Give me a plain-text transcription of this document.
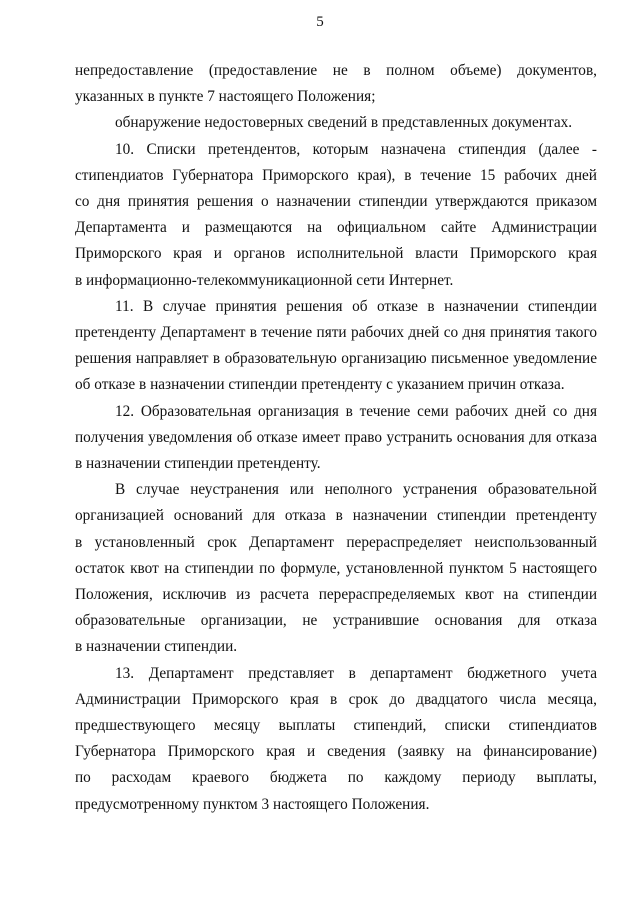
5
непредоставление (предоставление не в полном объеме) документов,
указанных в пункте 7 настоящего Положения;
обнаружение недостоверных сведений в представленных документах.
10. Списки претендентов, которым назначена стипендия (далее -
стипендиатов Губернатора Приморского края), в течение 15 рабочих дней
со дня принятия решения о назначении стипендии утверждаются приказом
Департамента и размещаются на официальном сайте Администрации
Приморского края и органов исполнительной власти Приморского края
в информационно-телекоммуникационной сети Интернет.
11. В случае принятия решения об отказе в назначении стипендии
претенденту Департамент в течение пяти рабочих дней со дня принятия такого
решения направляет в образовательную организацию письменное уведомление
об отказе в назначении стипендии претенденту с указанием причин отказа.
12. Образовательная организация в течение семи рабочих дней со дня
получения уведомления об отказе имеет право устранить основания для отказа
в назначении стипендии претенденту.
В случае неустранения или неполного устранения образовательной
организацией оснований для отказа в назначении стипендии претенденту
в установленный срок Департамент перераспределяет неиспользованный
остаток квот на стипендии по формуле, установленной пунктом 5 настоящего
Положения, исключив из расчета перераспределяемых квот на стипендии
образовательные организации, не устранившие основания для отказа
в назначении стипендии.
13. Департамент представляет в департамент бюджетного учета
Администрации Приморского края в срок до двадцатого числа месяца,
предшествующего месяцу выплаты стипендий, списки стипендиатов
Губернатора Приморского края и сведения (заявку на финансирование)
по расходам краевого бюджета по каждому периоду выплаты,
предусмотренному пунктом 3 настоящего Положения.
